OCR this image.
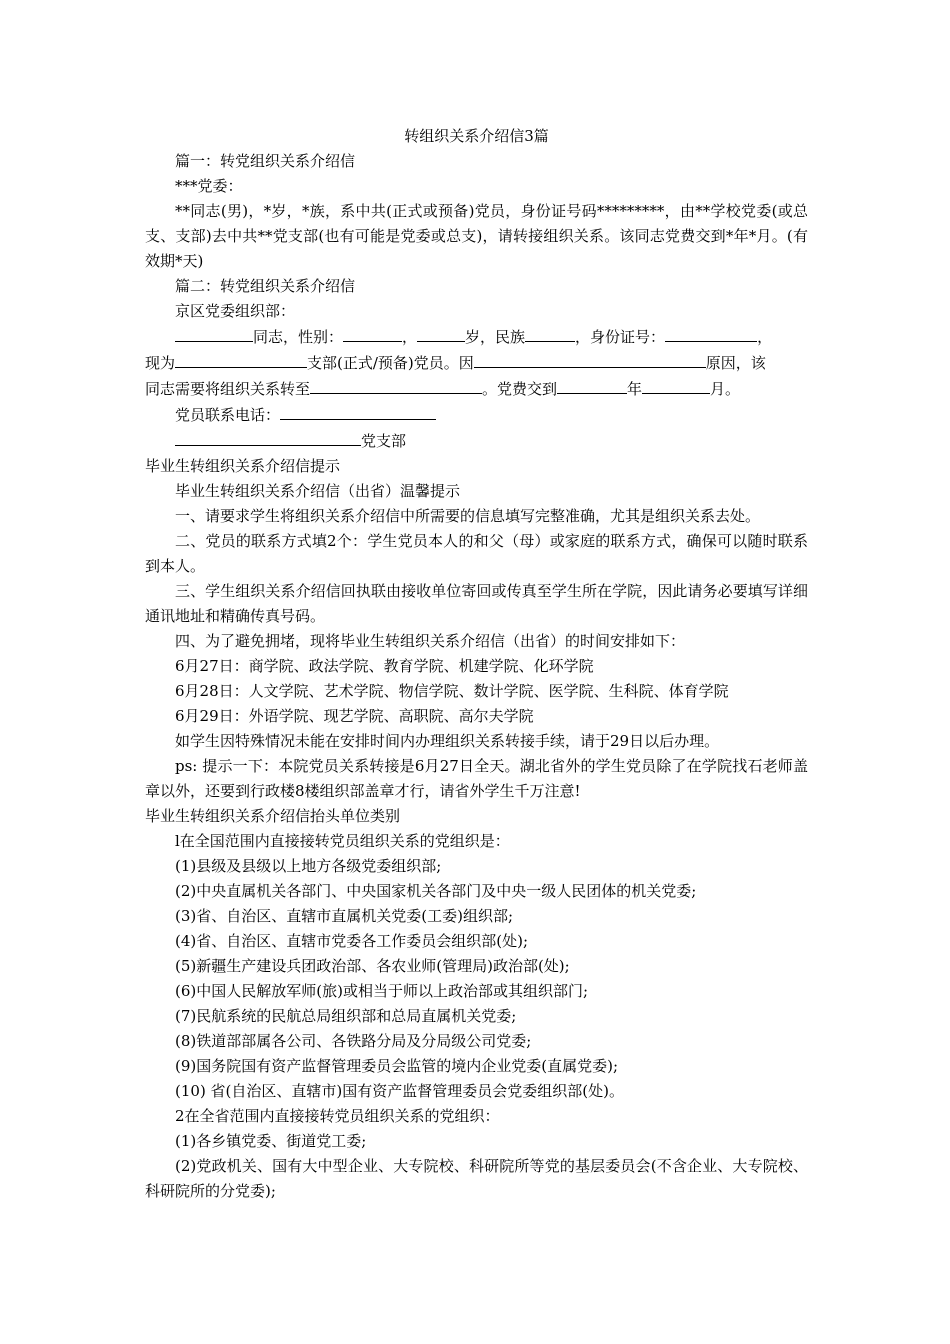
转组织关系介绍信3篇

篇一：转党组织关系介绍信

***党委：

**同志(男)，*岁，*族，系中共(正式或预备)党员，身份证号码*********，由**学校党委(或总支、支部)去中共**党支部(也有可能是党委或总支)，请转接组织关系。该同志党费交到*年*月。(有效期*天)

篇二：转党组织关系介绍信

京区党委组织部：

同志，性别：	，	岁，民族	，身份证号：	，
现为	支部(正式/预备)党员。因	原因，该
同志需要将组织关系转至	。党费交到	年	月。
党员联系电话：
党支部

毕业生转组织关系介绍信提示

毕业生转组织关系介绍信（出省）温馨提示

一、请要求学生将组织关系介绍信中所需要的信息填写完整准确，尤其是组织关系去处。

二、党员的联系方式填2个：学生党员本人的和父（母）或家庭的联系方式，确保可以随时联系到本人。

三、学生组织关系介绍信回执联由接收单位寄回或传真至学生所在学院，因此请务必要填写详细通讯地址和精确传真号码。

四、为了避免拥堵，现将毕业生转组织关系介绍信（出省）的时间安排如下：

6月27日：商学院、政法学院、教育学院、机建学院、化环学院

6月28日：人文学院、艺术学院、物信学院、数计学院、医学院、生科院、体育学院

6月29日：外语学院、现艺学院、高职院、高尔夫学院

如学生因特殊情况未能在安排时间内办理组织关系转接手续，请于29日以后办理。

ps: 提示一下：本院党员关系转接是6月27日全天。湖北省外的学生党员除了在学院找石老师盖章以外，还要到行政楼8楼组织部盖章才行，请省外学生千万注意!

毕业生转组织关系介绍信抬头单位类别

l在全国范围内直接接转党员组织关系的党组织是：

(1)县级及县级以上地方各级党委组织部;

(2)中央直属机关各部门、中央国家机关各部门及中央一级人民团体的机关党委;

(3)省、自治区、直辖市直属机关党委(工委)组织部;

(4)省、自治区、直辖市党委各工作委员会组织部(处);

(5)新疆生产建设兵团政治部、各农业师(管理局)政治部(处);

(6)中国人民解放军师(旅)或相当于师以上政治部或其组织部门;

(7)民航系统的民航总局组织部和总局直属机关党委;

(8)铁道部部属各公司、各铁路分局及分局级公司党委;

(9)国务院国有资产监督管理委员会监管的境内企业党委(直属党委);

(10) 省(自治区、直辖市)国有资产监督管理委员会党委组织部(处)。

2在全省范围内直接接转党员组织关系的党组织：

(1)各乡镇党委、街道党工委;

(2)党政机关、国有大中型企业、大专院校、科研院所等党的基层委员会(不含企业、大专院校、科研院所的分党委);
